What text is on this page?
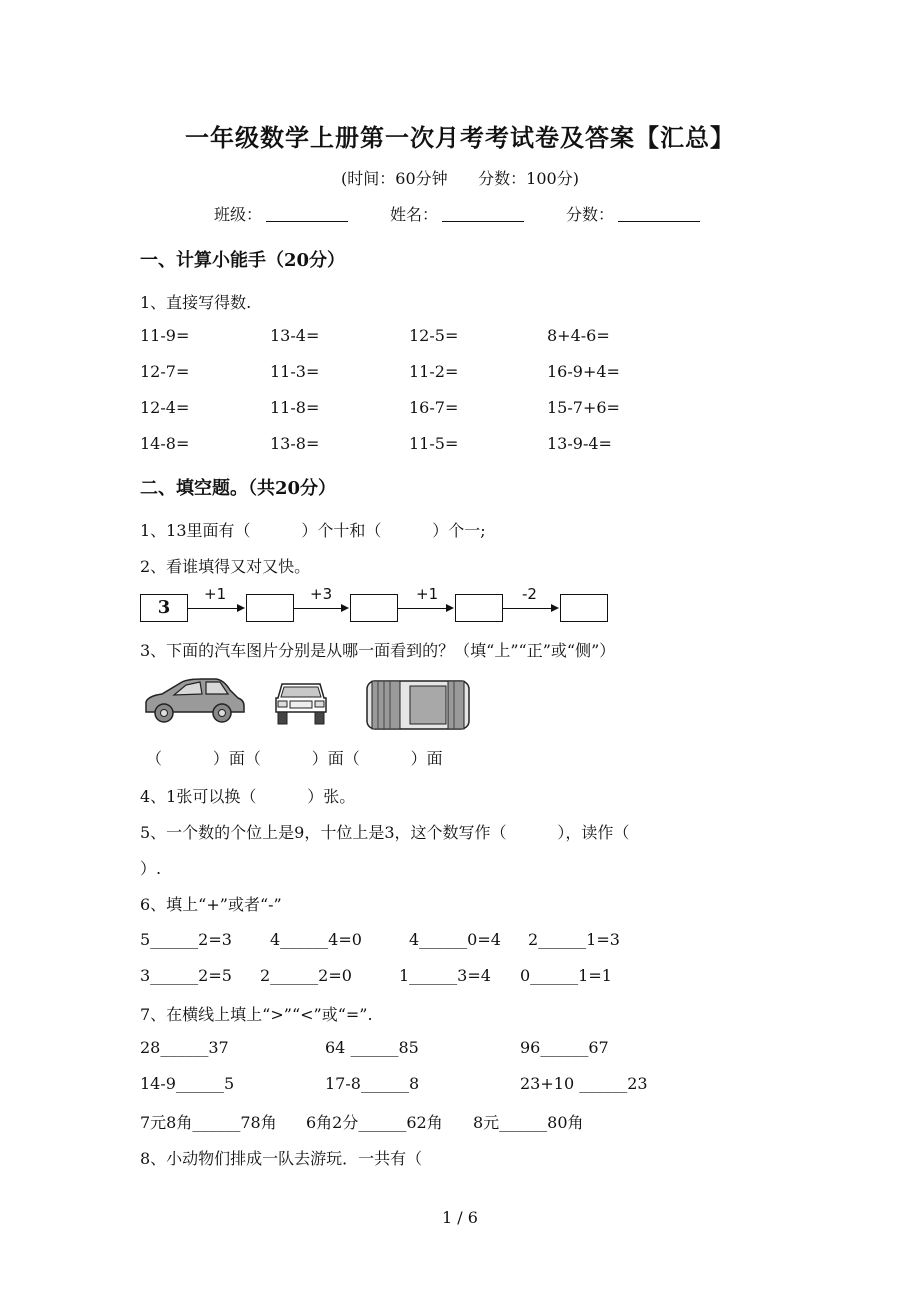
一年级数学上册第一次月考考试卷及答案【汇总】
(时间：60分钟      分数：100分)
班级：	姓名：	分数：
一、计算小能手（20分）
1、直接写得数.
11-9=	13-4=	12-5=	8+4-6=
12-7=	11-3=	11-2=	16-9+4=
12-4=	11-8=	16-7=	15-7+6=
14-8=	13-8=	11-5=	13-9-4=
二、填空题。（共20分）
1、13里面有（          ）个十和（          ）个一;
2、看谁填得又对又快。
3
+1	+3	+1	-2
3、下面的汽车图片分别是从哪一面看到的？（填“上”“正”或“侧”）
（          ）面（          ）面（          ）面
4、1张可以换（          ）张。
5、一个数的个位上是9，十位上是3，这个数写作（          ），读作（
）.
6、填上“+”或者“-”
5______2=3 4______4=0	4______0=4 2______1=3
3______2=5 2______2=0	1______3=4 0______1=1
7、在横线上填上“>”“<”或“=”.
28______37	64 ______85	96______67
14-9______5	17-8______8	23+10 ______23
7元8角______78角 6角2分______62角 8元______80角
8、小动物们排成一队去游玩．一共有（
1 / 6
